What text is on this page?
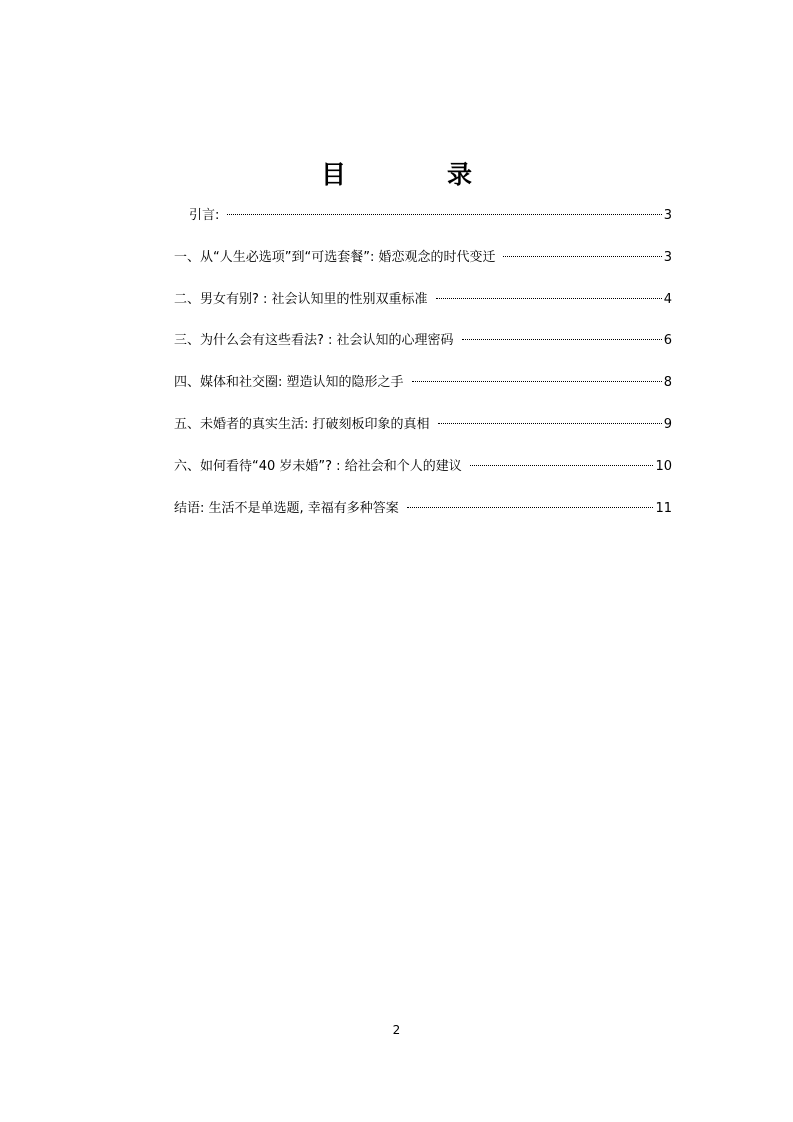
目　录
引言:	3
一、从“人生必选项”到“可选套餐”: 婚恋观念的时代变迁	3
二、男女有别? : 社会认知里的性别双重标准	4
三、为什么会有这些看法? : 社会认知的心理密码	6
四、媒体和社交圈: 塑造认知的隐形之手	8
五、未婚者的真实生活: 打破刻板印象的真相	9
六、如何看待“40 岁未婚”? : 给社会和个人的建议	10
结语: 生活不是单选题, 幸福有多种答案	11
2
